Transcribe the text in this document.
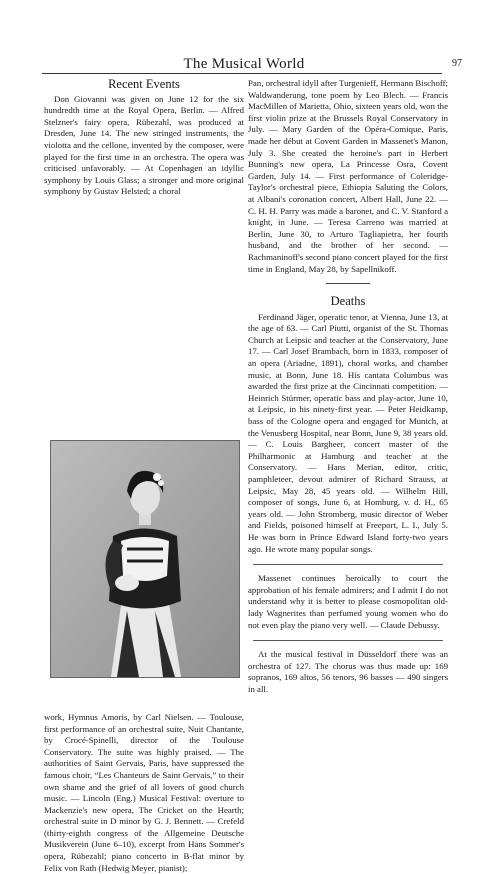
The Musical World	97
Recent Events

Don Giovanni was given on June 12 for the six hundredth time at the Royal Opera, Berlin. — Alfred Stelzner's fairy opera, Rübezahl, was produced at Dresden, June 14. The new stringed instruments, the violotta and the cellone, invented by the composer, were played for the first time in an orchestra. The opera was criticised unfavorably. — At Copenhagen an idyllic symphony by Louis Glass; a stronger and more original symphony by Gustav Helsted; a choral

work, Hymnus Amoris, by Carl Nielsen. — Toulouse, first performance of an orchestral suite, Nuit Chantante, by Crocé-Spinelli, director of the Toulouse Conservatory. The suite was highly praised. — The authorities of Saint Gervais, Paris, have suppressed the famous choir, “Les Chanteurs de Saint Gervais,” to their own shame and the grief of all lovers of good church music. — Lincoln (Eng.) Musical Festival: overture to Mackenzie's new opera, The Cricket on the Hearth; orchestral suite in D minor by G. J. Bennett. — Crefeld (thirty-eighth congress of the Allgemeine Deutsche Musikverein (June 6–10), excerpt from Hans Sommer's opera, Rübezahl; piano concerto in B-flat minor by Felix von Rath (Hedwig Meyer, pianist);

Pan, orchestral idyll after Turgenieff, Hermann Bischoff; Waldwanderung, tone poem by Leo Blech. — Francis MacMillen of Marietta, Ohio, sixteen years old, won the first violin prize at the Brussels Royal Conservatory in July. — Mary Garden of the Opéra-Comique, Paris, made her début at Covent Garden in Massenet's Manon, July 3. She created the heroine's part in Herbert Bunning's new opera, La Princesse Osra, Covent Garden, July 14. — First performance of Coleridge-Taylor's orchestral piece, Ethiopia Saluting the Colors, at Albani's coronation concert, Albert Hall, June 22. — C. H. H. Parry was made a baronet, and C. V. Stanford a knight, in June. — Teresa Carreno was married at Berlin, June 30, to Arturo Tagliapietra, her fourth husband, and the brother of her second. — Rachmaninoff's second piano concert played for the first time in England, May 28, by Sapellnikoff.

Deaths

Ferdinand Jäger, operatic tenor, at Vienna, June 13, at the age of 63. — Carl Piutti, organist of the St. Thomas Church at Leipsic and teacher at the Conservatory, June 17. — Carl Josef Brambach, born in 1833, composer of an opera (Ariadne, 1891), choral works, and chamber music, at Bonn, June 18. His cantata Columbus was awarded the first prize at the Cincinnati competition. — Heinrich Stürmer, operatic bass and play-actor, June 10, at Leipsic, in his ninety-first year. — Peter Heidkamp, bass of the Cologne opera and engaged for Munich, at the Venusberg Hospital, near Bonn, June 9, 38 years old. — C. Louis Bargheer, concert master of the Philharmonic at Hamburg and teacher at the Conservatory. — Hans Merian, editor, critic, pamphleteer, devout admirer of Richard Strauss, at Leipsic, May 28, 45 years old. — Wilhelm Hill, composer of songs, June 6, at Homburg, v. d. H., 65 years old. — John Stromberg, music director of Weber and Fields, poisoned himself at Freeport, L. I., July 5. He was born in Prince Edward Island forty-two years ago. He wrote many popular songs.

Massenet continues heroically to court the approbation of his female admirers; and I admit I do not understand why it is better to please cosmopolitan old-lady Wagnerites than perfumed young women who do not even play the piano very well. — Claude Debussy.

At the musical festival in Düsseldorf there was an orchestra of 127. The chorus was thus made up: 169 sopranos, 169 altos, 56 tenors, 96 basses — 490 singers in all.
